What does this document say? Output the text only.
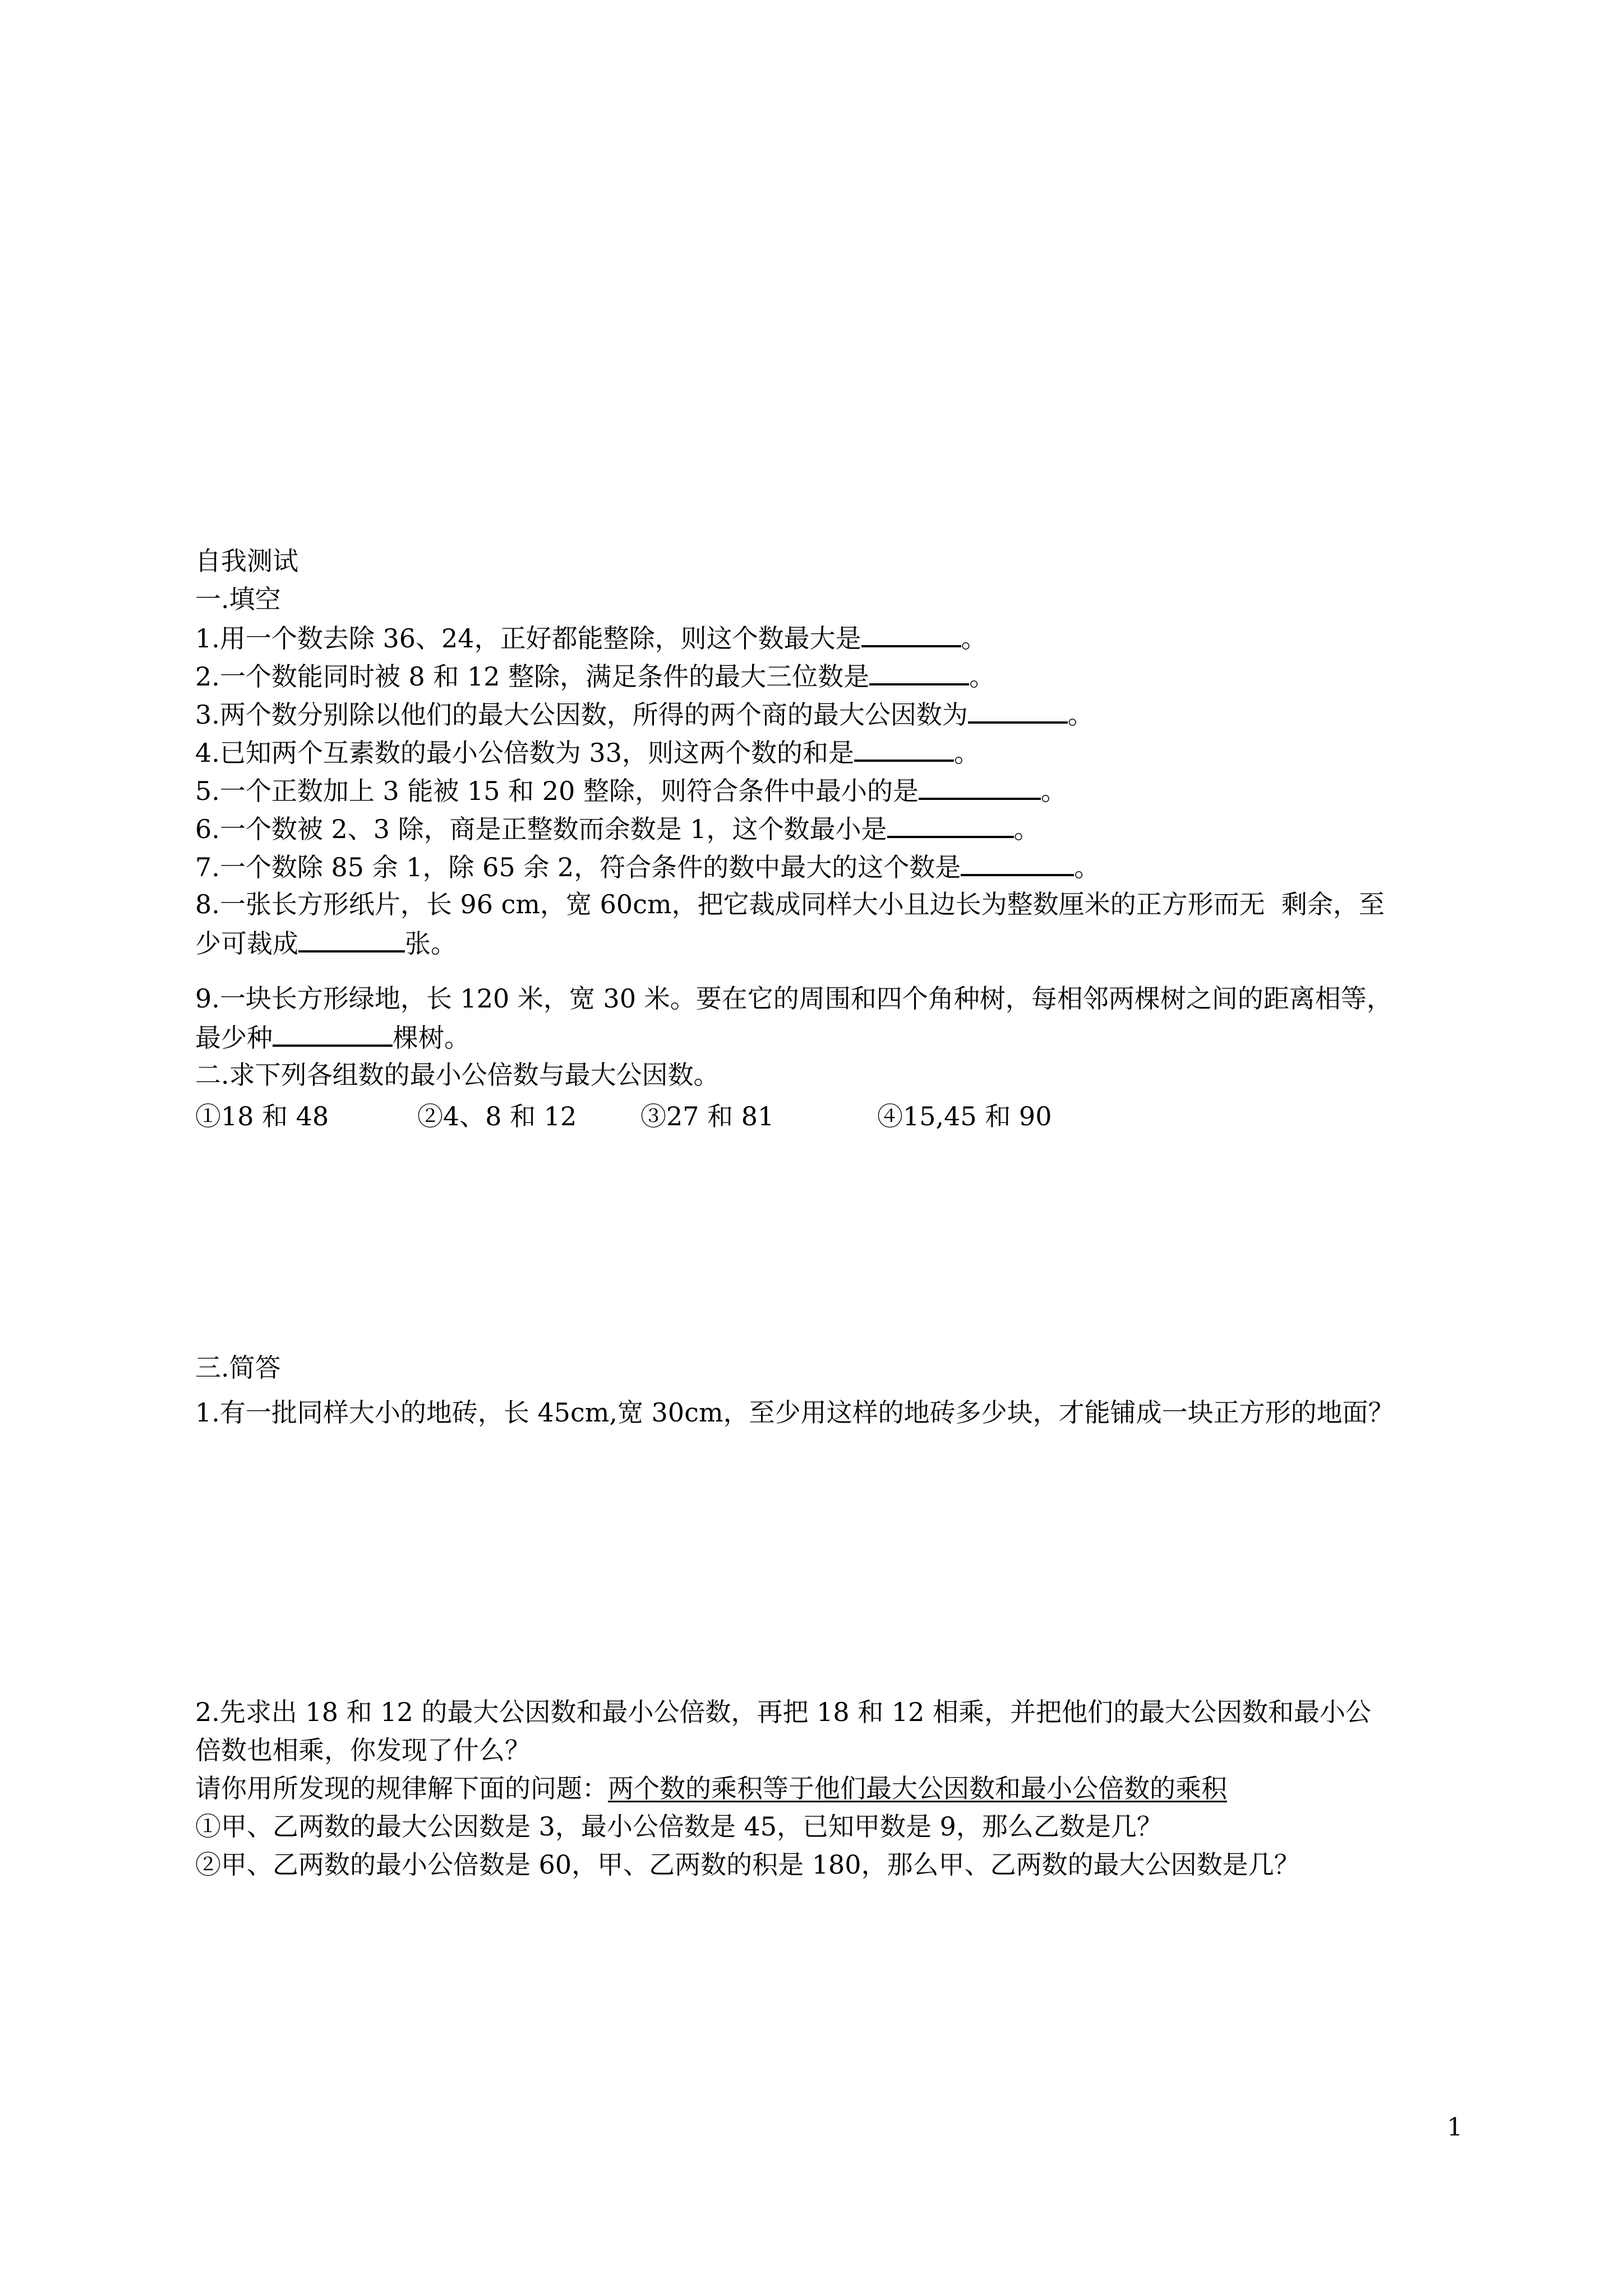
自我测试
一.填空
1.用一个数去除 36、24，正好都能整除，则这个数最大是	。
2.一个数能同时被 8 和 12 整除，满足条件的最大三位数是	。
3.两个数分别除以他们的最大公因数，所得的两个商的最大公因数为	。
4.已知两个互素数的最小公倍数为 33，则这两个数的和是	。
5.一个正数加上 3 能被 15 和 20 整除，则符合条件中最小的是	。
6.一个数被 2、3 除，商是正整数而余数是 1，这个数最小是	。
7.一个数除 85 余 1，除 65 余 2，符合条件的数中最大的这个数是	。
8.一张长方形纸片，长 96 cm，宽 60cm，把它裁成同样大小且边长为整数厘米的正方形而无  剩余，至
少可裁成	张。
9.一块长方形绿地，长 120 米，宽 30 米。要在它的周围和四个角种树，每相邻两棵树之间的距离相等，
最少种	棵树。
二.求下列各组数的最小公倍数与最大公因数。
①18 和 48	②4、8 和 12 ③27 和 81	④15,45 和 90
三.简答
1.有一批同样大小的地砖，长 45cm,宽 30cm，至少用这样的地砖多少块，才能铺成一块正方形的地面？
2.先求出 18 和 12 的最大公因数和最小公倍数，再把 18 和 12 相乘，并把他们的最大公因数和最小公
倍数也相乘，你发现了什么？
请你用所发现的规律解下面的问题：两个数的乘积等于他们最大公因数和最小公倍数的乘积
①甲、乙两数的最大公因数是 3，最小公倍数是 45，已知甲数是 9，那么乙数是几？
②甲、乙两数的最小公倍数是 60，甲、乙两数的积是 180，那么甲、乙两数的最大公因数是几？
1
